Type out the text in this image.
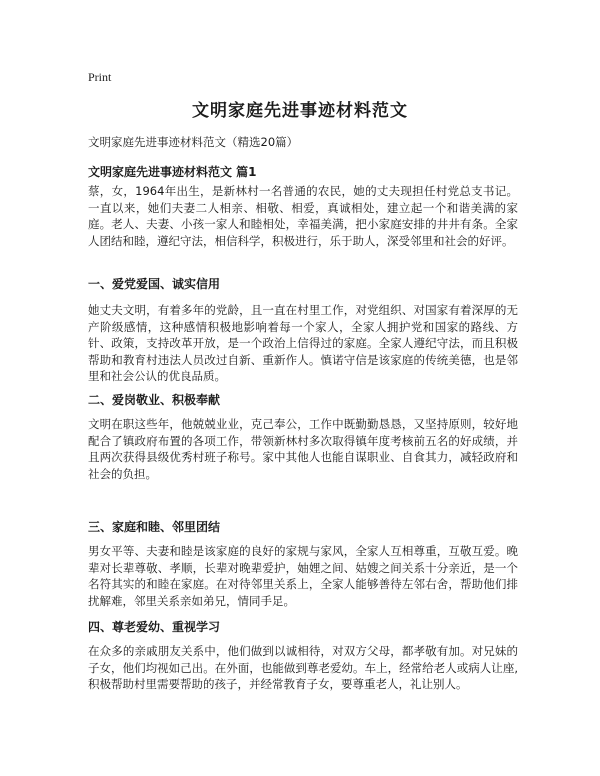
Print
文明家庭先进事迹材料范文

文明家庭先进事迹材料范文（精选20篇）

文明家庭先进事迹材料范文 篇1

蔡，女，1964年出生，是新林村一名普通的农民，她的丈夫现担任村党总支书记。一直以来，她们夫妻二人相亲、相敬、相爱，真诚相处，建立起一个和谐美满的家庭。老人、夫妻、小孩一家人和睦相处，幸福美满，把小家庭安排的井井有条。全家人团结和睦，遵纪守法，相信科学，积极进行，乐于助人，深受邻里和社会的好评。

一、爱党爱国、诚实信用

她丈夫文明，有着多年的党龄，且一直在村里工作，对党组织、对国家有着深厚的无产阶级感情，这种感情积极地影响着每一个家人，全家人拥护党和国家的路线、方针、政策，支持改革开放，是一个政治上信得过的家庭。全家人遵纪守法，而且积极帮助和教育村违法人员改过自新、重新作人。慎诺守信是该家庭的传统美德，也是邻里和社会公认的优良品质。

二、爱岗敬业、积极奉献

文明在职这些年，他兢兢业业，克己奉公，工作中既勤勤恳恳，又坚持原则，较好地配合了镇政府布置的各项工作，带领新林村多次取得镇年度考核前五名的好成绩，并且两次获得县级优秀村班子称号。家中其他人也能自谋职业、自食其力，减轻政府和社会的负担。

三、家庭和睦、邻里团结

男女平等、夫妻和睦是该家庭的良好的家规与家风，全家人互相尊重，互敬互爱。晚辈对长辈尊敬、孝顺，长辈对晚辈爱护，妯娌之间、姑嫂之间关系十分亲近，是一个名符其实的和睦在家庭。在对待邻里关系上，全家人能够善待左邻右舍，帮助他们排扰解难，邻里关系亲如弟兄，情同手足。

四、尊老爱幼、重视学习

在众多的亲戚朋友关系中，他们做到以诚相待，对双方父母，都孝敬有加。对兄妹的子女，他们均视如己出。在外面，也能做到尊老爱幼。车上，经常给老人或病人让座,积极帮助村里需要帮助的孩子，并经常教育子女，要尊重老人，礼让别人。
